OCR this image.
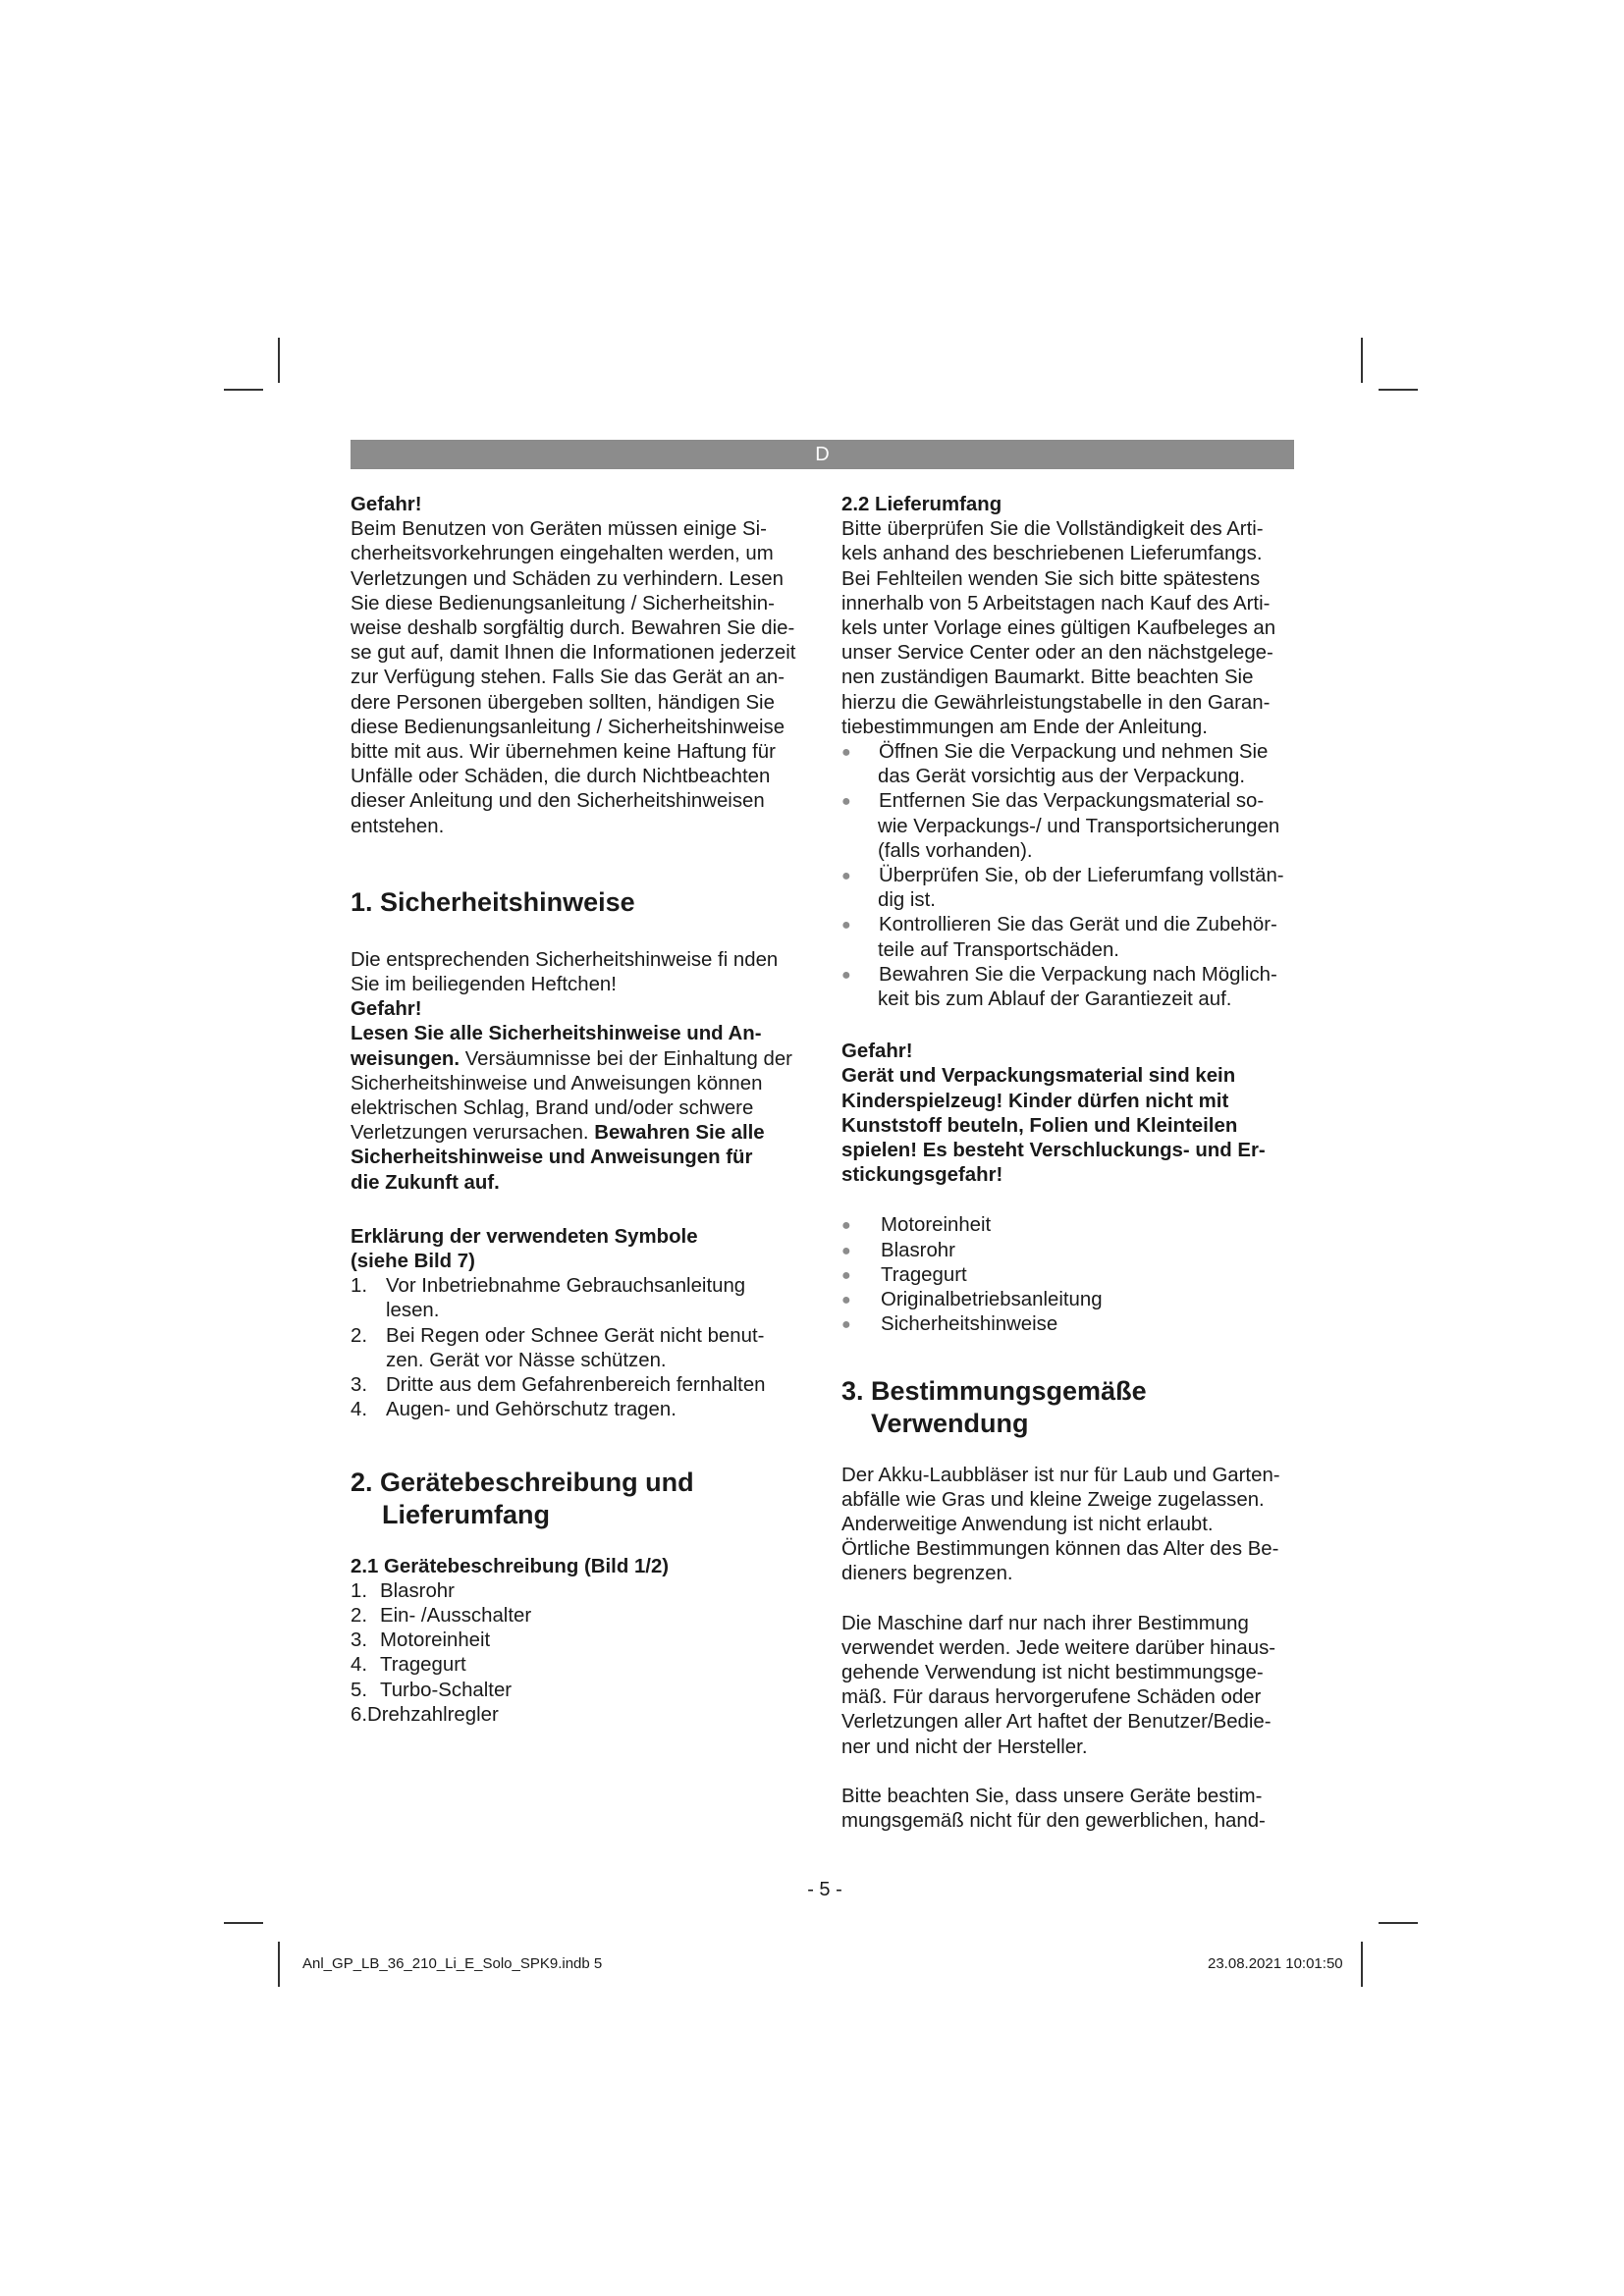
D

Gefahr!

Beim Benutzen von Geräten müssen einige Si-

cherheitsvorkehrungen eingehalten werden, um

Verletzungen und Schäden zu verhindern. Lesen

Sie diese Bedienungsanleitung / Sicherheitshin-

weise deshalb sorgfältig durch. Bewahren Sie die-

se gut auf, damit Ihnen die Informationen jederzeit

zur Verfügung stehen. Falls Sie das Gerät an an-

dere Personen übergeben sollten, händigen Sie

diese Bedienungsanleitung / Sicherheitshinweise

bitte mit aus. Wir übernehmen keine Haftung für

Unfälle oder Schäden, die durch Nichtbeachten

dieser Anleitung und den Sicherheitshinweisen

entstehen.

1. Sicherheitshinweise

Die entsprechenden Sicherheitshinweise fi nden

Sie im beiliegenden Heftchen!

Gefahr!

Lesen Sie alle Sicherheitshinweise und An-

weisungen. Versäumnisse bei der Einhaltung der

Sicherheitshinweise und Anweisungen können

elektrischen Schlag, Brand und/oder schwere

Verletzungen verursachen. Bewahren Sie alle

Sicherheitshinweise und Anweisungen für

die Zukunft auf.

Erklärung der verwendeten Symbole

(siehe Bild 7)

1. Vor Inbetriebnahme Gebrauchsanleitung
lesen.
2. Bei Regen oder Schnee Gerät nicht benut-
zen. Gerät vor Nässe schützen.
3. Dritte aus dem Gefahrenbereich fernhalten
4. Augen- und Gehörschutz tragen.
2. Gerätebeschreibung und
Lieferumfang

2.1 Gerätebeschreibung (Bild 1/2)

1. Blasrohr
2. Ein- /Ausschalter
3. Motoreinheit
4. Tragegurt
5. Turbo-Schalter

6.Drehzahlregler

2.2 Lieferumfang

Bitte überprüfen Sie die Vollständigkeit des Arti-

kels anhand des beschriebenen Lieferumfangs.

Bei Fehlteilen wenden Sie sich bitte spätestens

innerhalb von 5 Arbeitstagen nach Kauf des Arti-

kels unter Vorlage eines gültigen Kaufbeleges an

unser Service Center oder an den nächstgelege-

nen zuständigen Baumarkt. Bitte beachten Sie

hierzu die Gewährleistungstabelle in den Garan-

tiebestimmungen am Ende der Anleitung.

● Öffnen Sie die Verpackung und nehmen Sie
das Gerät vorsichtig aus der Verpackung.
● Entfernen Sie das Verpackungsmaterial so-
wie Verpackungs-/ und Transportsicherungen
(falls vorhanden).
● Überprüfen Sie, ob der Lieferumfang vollstän-
dig ist.
● Kontrollieren Sie das Gerät und die Zubehör-
teile auf Transportschäden.
● Bewahren Sie die Verpackung nach Möglich-
keit bis zum Ablauf der Garantiezeit auf.

Gefahr!

Gerät und Verpackungsmaterial sind kein

Kinderspielzeug! Kinder dürfen nicht mit

Kunststoff beuteln, Folien und Kleinteilen

spielen! Es besteht Verschluckungs- und Er-

stickungsgefahr!

● Motoreinheit
● Blasrohr
● Tragegurt
● Originalbetriebsanleitung
● Sicherheitshinweise
3. Bestimmungsgemäße
Verwendung

Der Akku-Laubbläser ist nur für Laub und Garten-

abfälle wie Gras und kleine Zweige zugelassen.

Anderweitige Anwendung ist nicht erlaubt.

Örtliche Bestimmungen können das Alter des Be-

dieners begrenzen.

Die Maschine darf nur nach ihrer Bestimmung

verwendet werden. Jede weitere darüber hinaus-

gehende Verwendung ist nicht bestimmungsge-

mäß. Für daraus hervorgerufene Schäden oder

Verletzungen aller Art haftet der Benutzer/Bedie-

ner und nicht der Hersteller.

Bitte beachten Sie, dass unsere Geräte bestim-

mungsgemäß nicht für den gewerblichen, hand-

- 5 -
Anl_GP_LB_36_210_Li_E_Solo_SPK9.indb 5	23.08.2021 10:01:50
